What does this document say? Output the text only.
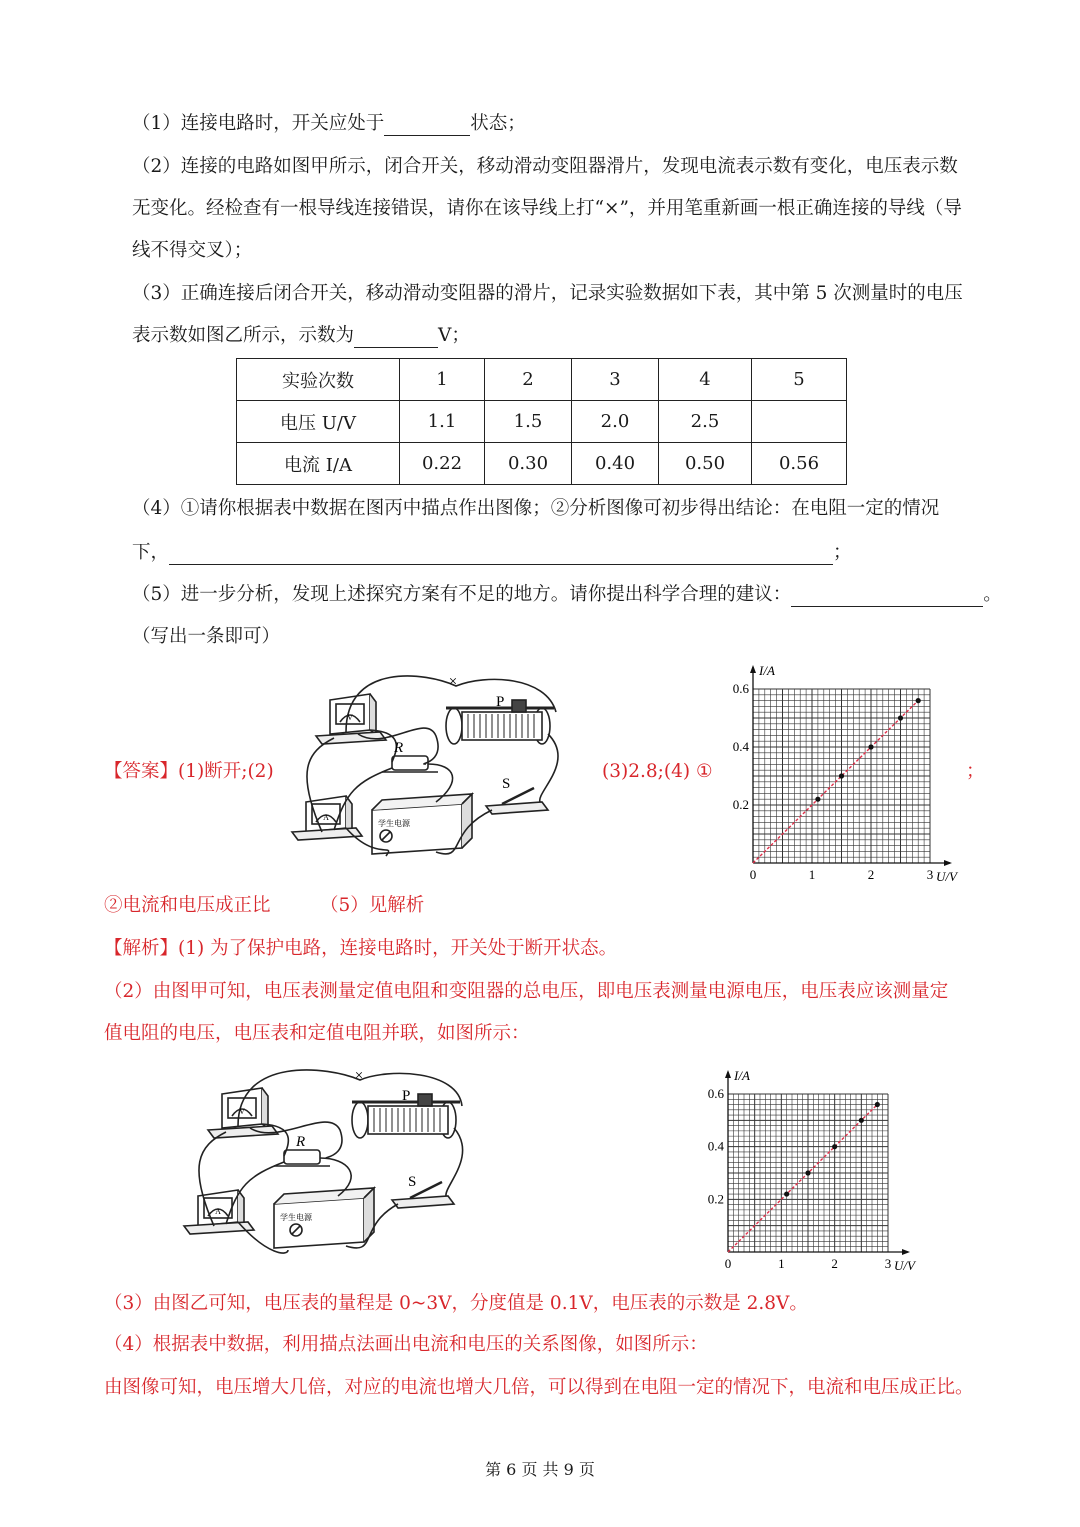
（1）连接电路时，开关应处于	状态；
（2）连接的电路如图甲所示，闭合开关，移动滑动变阻器滑片，发现电流表示数有变化，电压表示数
无变化。经检查有一根导线连接错误，请你在该导线上打“×”，并用笔重新画一根正确连接的导线（导
线不得交叉）；
（3）正确连接后闭合开关，移动滑动变阻器的滑片，记录实验数据如下表，其中第 5 次测量时的电压
表示数如图乙所示，示数为	V；
实验次数	1	2	3	4	5
电压 U/V	1.1	1.5	2.0	2.5	
电流 I/A	0.22	0.30	0.40	0.50	0.56
（4）①请你根据表中数据在图丙中描点作出图像；②分析图像可初步得出结论：在电阻一定的情况
下，	；
（5）进一步分析，发现上述探究方案有不足的地方。请你提出科学合理的建议：	。
（写出一条即可）
【答案】(1)断开;(2)	(3)2.8;(4) ①	；
×
P
R
S
学生电源
V
A
0	1	2	3
0.2
0.4
0.6
U/V
I/A
②电流和电压成正比	（5）见解析
【解析】(1) 为了保护电路，连接电路时，开关处于断开状态。
（2）由图甲可知，电压表测量定值电阻和变阻器的总电压，即电压表测量电源电压，电压表应该测量定
值电阻的电压，电压表和定值电阻并联，如图所示：
×
P
R
S
学生电源
V
A
0	1	2	3
0.2
0.4
0.6
U/V
I/A
（3）由图乙可知，电压表的量程是 0~3V，分度值是 0.1V，电压表的示数是 2.8V。
（4）根据表中数据，利用描点法画出电流和电压的关系图像，如图所示：
由图像可知，电压增大几倍，对应的电流也增大几倍，可以得到在电阻一定的情况下，电流和电压成正比。
第 6 页 共 9 页
